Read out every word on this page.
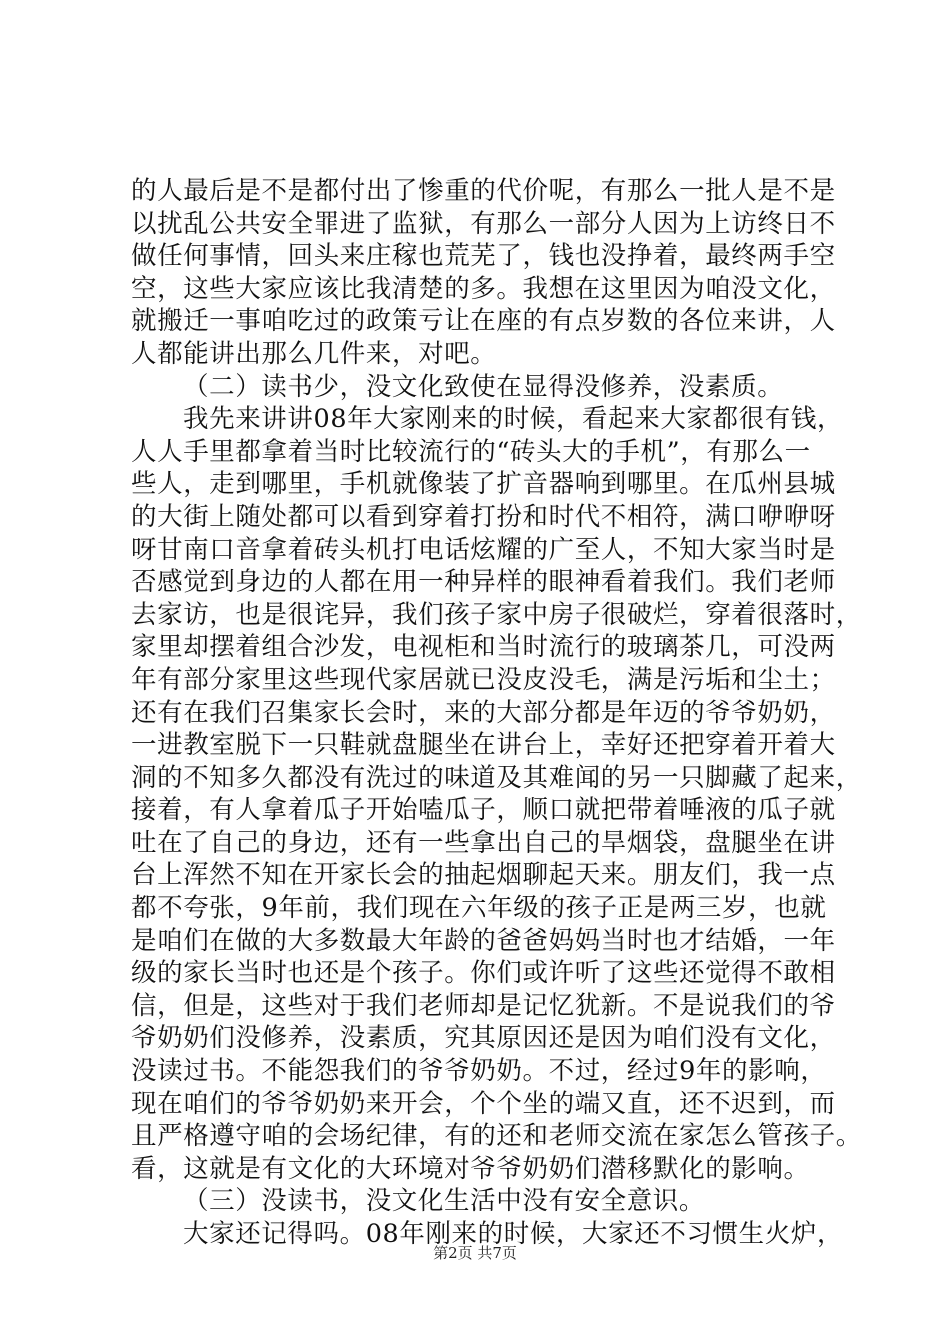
的人最后是不是都付出了惨重的代价呢，有那么一批人是不是
以扰乱公共安全罪进了监狱，有那么一部分人因为上访终日不
做任何事情，回头来庄稼也荒芜了，钱也没挣着，最终两手空
空，这些大家应该比我清楚的多。我想在这里因为咱没文化，
就搬迁一事咱吃过的政策亏让在座的有点岁数的各位来讲，人
人都能讲出那么几件来，对吧。
（二）读书少，没文化致使在显得没修养，没素质。
我先来讲讲08年大家刚来的时候，看起来大家都很有钱，
人人手里都拿着当时比较流行的“砖头大的手机”，有那么一
些人，走到哪里，手机就像装了扩音器响到哪里。在瓜州县城
的大街上随处都可以看到穿着打扮和时代不相符，满口咿咿呀
呀甘南口音拿着砖头机打电话炫耀的广至人，不知大家当时是
否感觉到身边的人都在用一种异样的眼神看着我们。我们老师
去家访，也是很诧异，我们孩子家中房子很破烂，穿着很落时，
家里却摆着组合沙发，电视柜和当时流行的玻璃茶几，可没两
年有部分家里这些现代家居就已没皮没毛，满是污垢和尘土；
还有在我们召集家长会时，来的大部分都是年迈的爷爷奶奶，
一进教室脱下一只鞋就盘腿坐在讲台上，幸好还把穿着开着大
洞的不知多久都没有洗过的味道及其难闻的另一只脚藏了起来，
接着，有人拿着瓜子开始嗑瓜子，顺口就把带着唾液的瓜子就
吐在了自己的身边，还有一些拿出自己的旱烟袋，盘腿坐在讲
台上浑然不知在开家长会的抽起烟聊起天来。朋友们，我一点
都不夸张，9年前，我们现在六年级的孩子正是两三岁，也就
是咱们在做的大多数最大年龄的爸爸妈妈当时也才结婚，一年
级的家长当时也还是个孩子。你们或许听了这些还觉得不敢相
信，但是，这些对于我们老师却是记忆犹新。不是说我们的爷
爷奶奶们没修养，没素质，究其原因还是因为咱们没有文化，
没读过书。不能怨我们的爷爷奶奶。不过，经过9年的影响，
现在咱们的爷爷奶奶来开会，个个坐的端又直，还不迟到，而
且严格遵守咱的会场纪律，有的还和老师交流在家怎么管孩子。
看，这就是有文化的大环境对爷爷奶奶们潜移默化的影响。
（三）没读书，没文化生活中没有安全意识。
大家还记得吗。08年刚来的时候，大家还不习惯生火炉，
第2页 共7页
